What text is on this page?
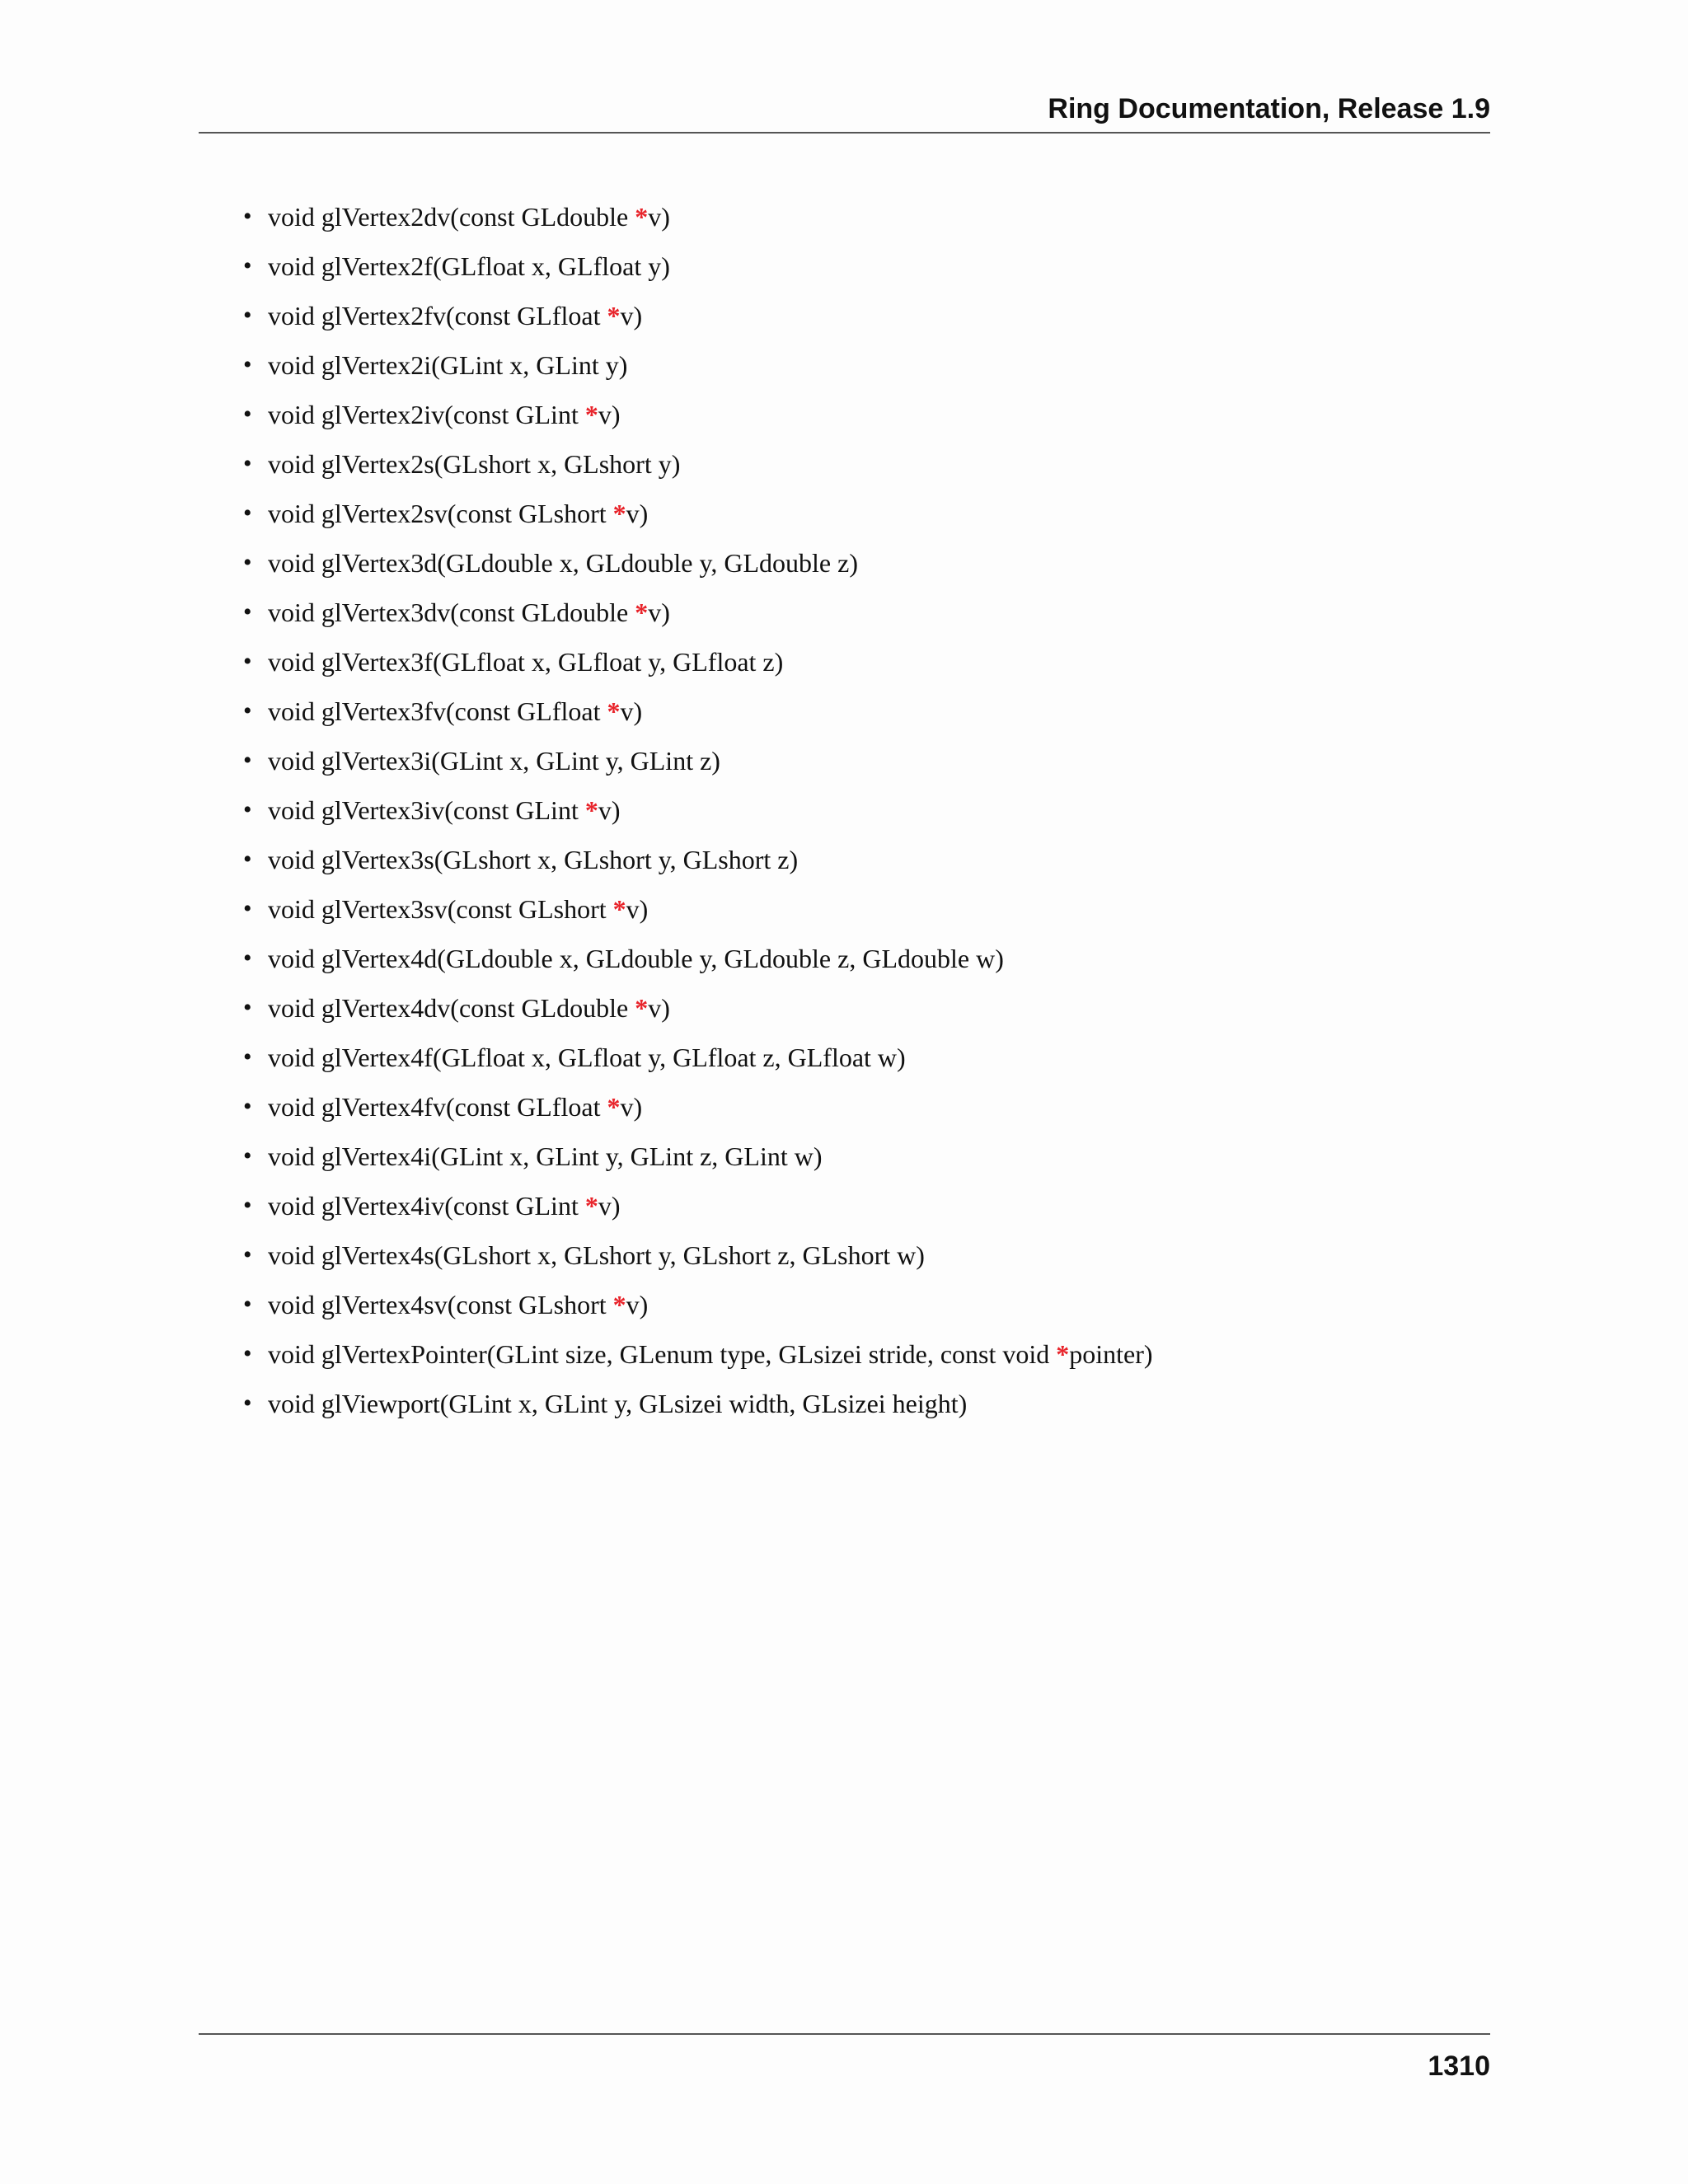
Ring Documentation, Release 1.9
• void glVertex2dv(const GLdouble *v)
• void glVertex2f(GLfloat x, GLfloat y)
• void glVertex2fv(const GLfloat *v)
• void glVertex2i(GLint x, GLint y)
• void glVertex2iv(const GLint *v)
• void glVertex2s(GLshort x, GLshort y)
• void glVertex2sv(const GLshort *v)
• void glVertex3d(GLdouble x, GLdouble y, GLdouble z)
• void glVertex3dv(const GLdouble *v)
• void glVertex3f(GLfloat x, GLfloat y, GLfloat z)
• void glVertex3fv(const GLfloat *v)
• void glVertex3i(GLint x, GLint y, GLint z)
• void glVertex3iv(const GLint *v)
• void glVertex3s(GLshort x, GLshort y, GLshort z)
• void glVertex3sv(const GLshort *v)
• void glVertex4d(GLdouble x, GLdouble y, GLdouble z, GLdouble w)
• void glVertex4dv(const GLdouble *v)
• void glVertex4f(GLfloat x, GLfloat y, GLfloat z, GLfloat w)
• void glVertex4fv(const GLfloat *v)
• void glVertex4i(GLint x, GLint y, GLint z, GLint w)
• void glVertex4iv(const GLint *v)
• void glVertex4s(GLshort x, GLshort y, GLshort z, GLshort w)
• void glVertex4sv(const GLshort *v)
• void glVertexPointer(GLint size, GLenum type, GLsizei stride, const void *pointer)
• void glViewport(GLint x, GLint y, GLsizei width, GLsizei height)
1310
